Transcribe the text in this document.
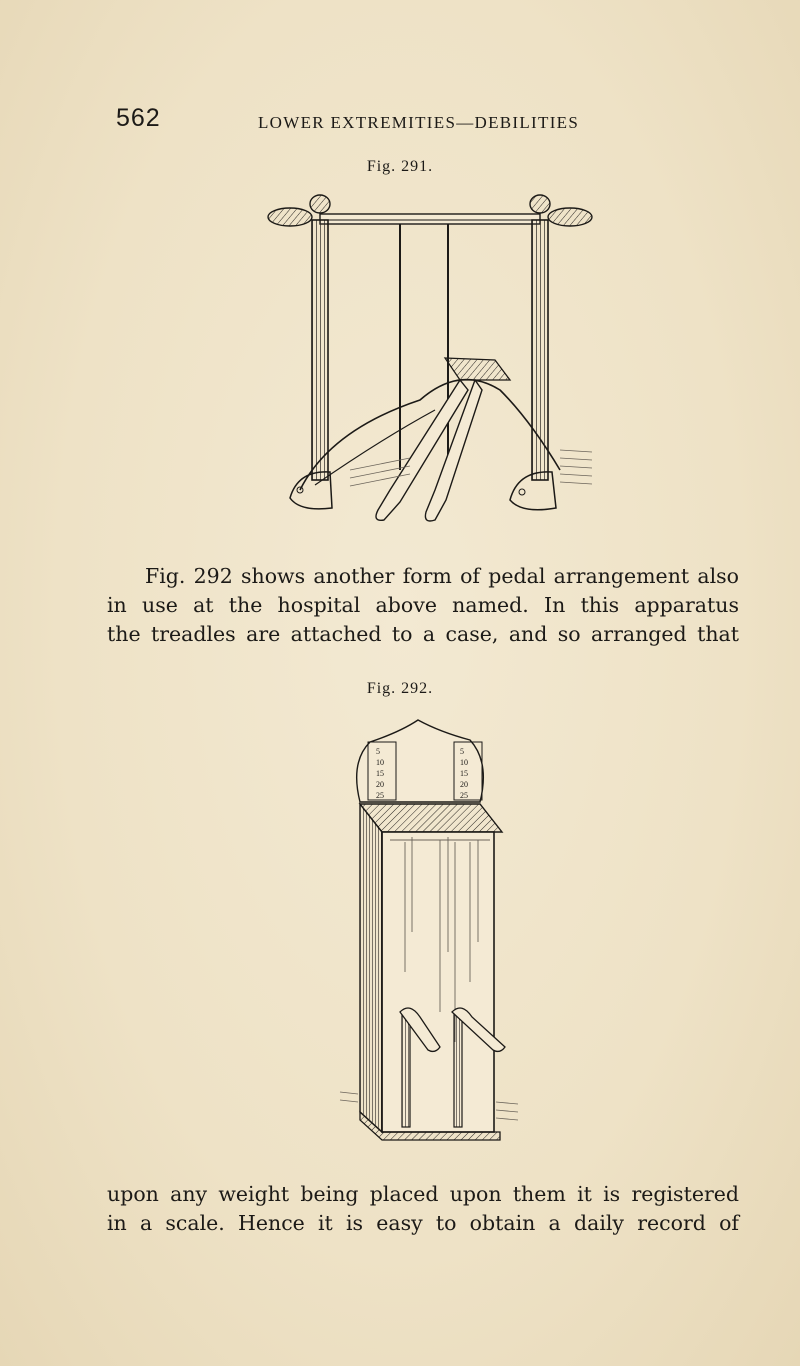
562	LOWER EXTREMITIES—DEBILITIES
Fig. 291.
Fig. 292 shows another form of pedal arrangement also
in use at the hospital above named. In this apparatus
the treadles are attached to a case, and so arranged that
Fig. 292.
5
10
15
20
25
5
10
15
20
25
upon any weight being placed upon them it is registered
in a scale. Hence it is easy to obtain a daily record of
